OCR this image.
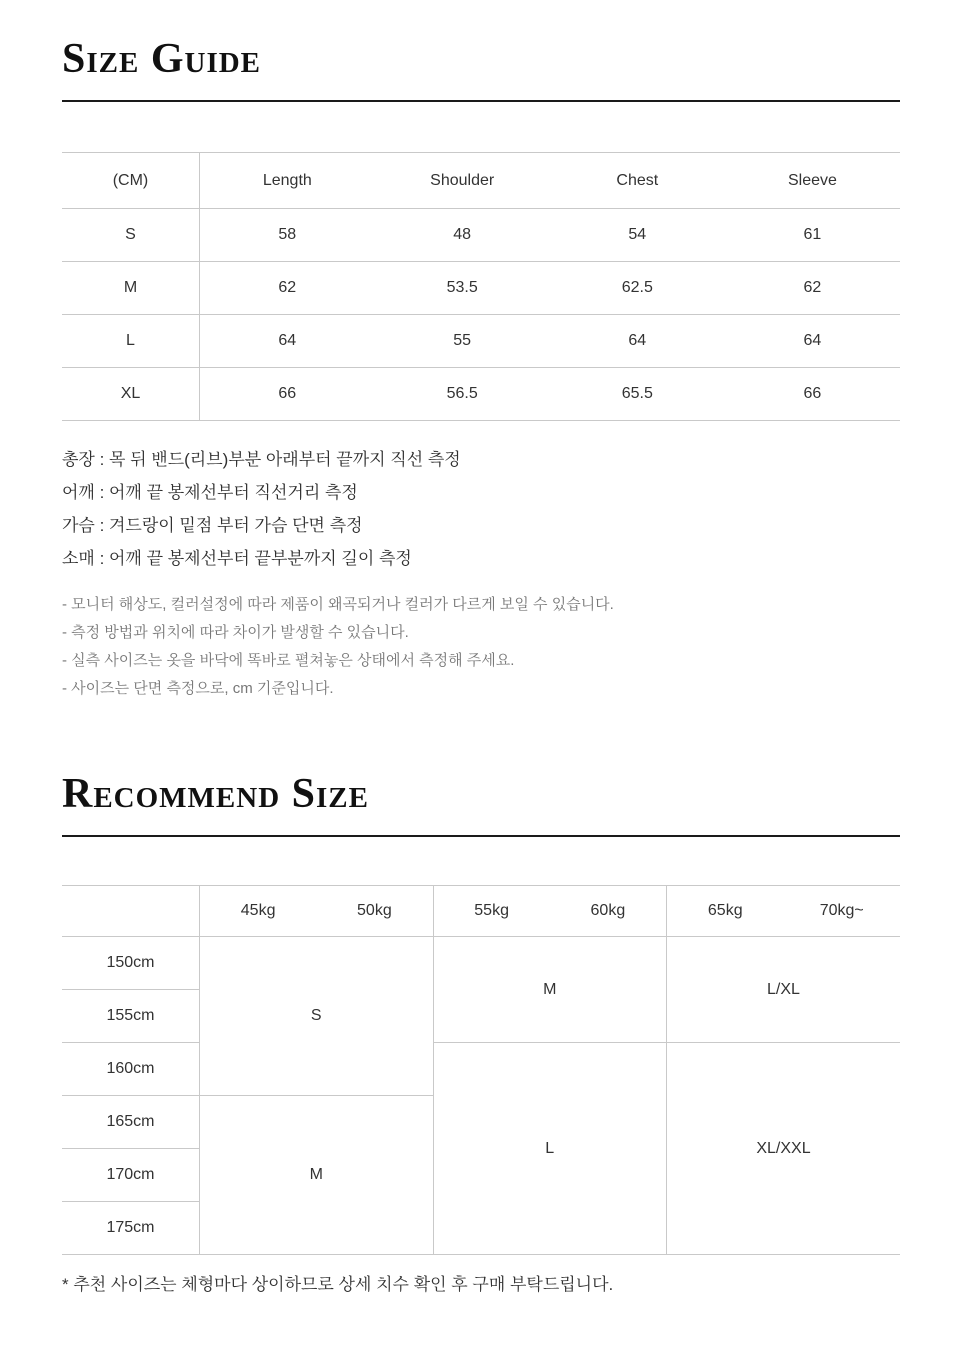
Size Guide
(CM)	Length	Shoulder	Chest	Sleeve
S	58	48	54	61
M	62	53.5	62.5	62
L	64	55	64	64
XL	66	56.5	65.5	66

총장 : 목 뒤 밴드(리브)부분 아래부터 끝까지 직선 측정

어깨 : 어깨 끝 봉제선부터 직선거리 측정

가슴 : 겨드랑이 밑점 부터 가슴 단면 측정

소매 : 어깨 끝 봉제선부터 끝부분까지 길이 측정

- 모니터 해상도, 컬러설정에 따라 제품이 왜곡되거나 컬러가 다르게 보일 수 있습니다.

- 측정 방법과 위치에 따라 차이가 발생할 수 있습니다.

- 실측 사이즈는 옷을 바닥에 똑바로 펼쳐놓은 상태에서 측정해 주세요.

- 사이즈는 단면 측정으로, cm 기준입니다.

Recommend Size

	45kg 50kg	55kg 60kg	65kg 70kg~

150cm	S	M	L/XL
155cm			
160cm		L	XL/XXL
165cm	M		
170cm			
175cm			

* 추천 사이즈는 체형마다 상이하므로 상세 치수 확인 후 구매 부탁드립니다.
